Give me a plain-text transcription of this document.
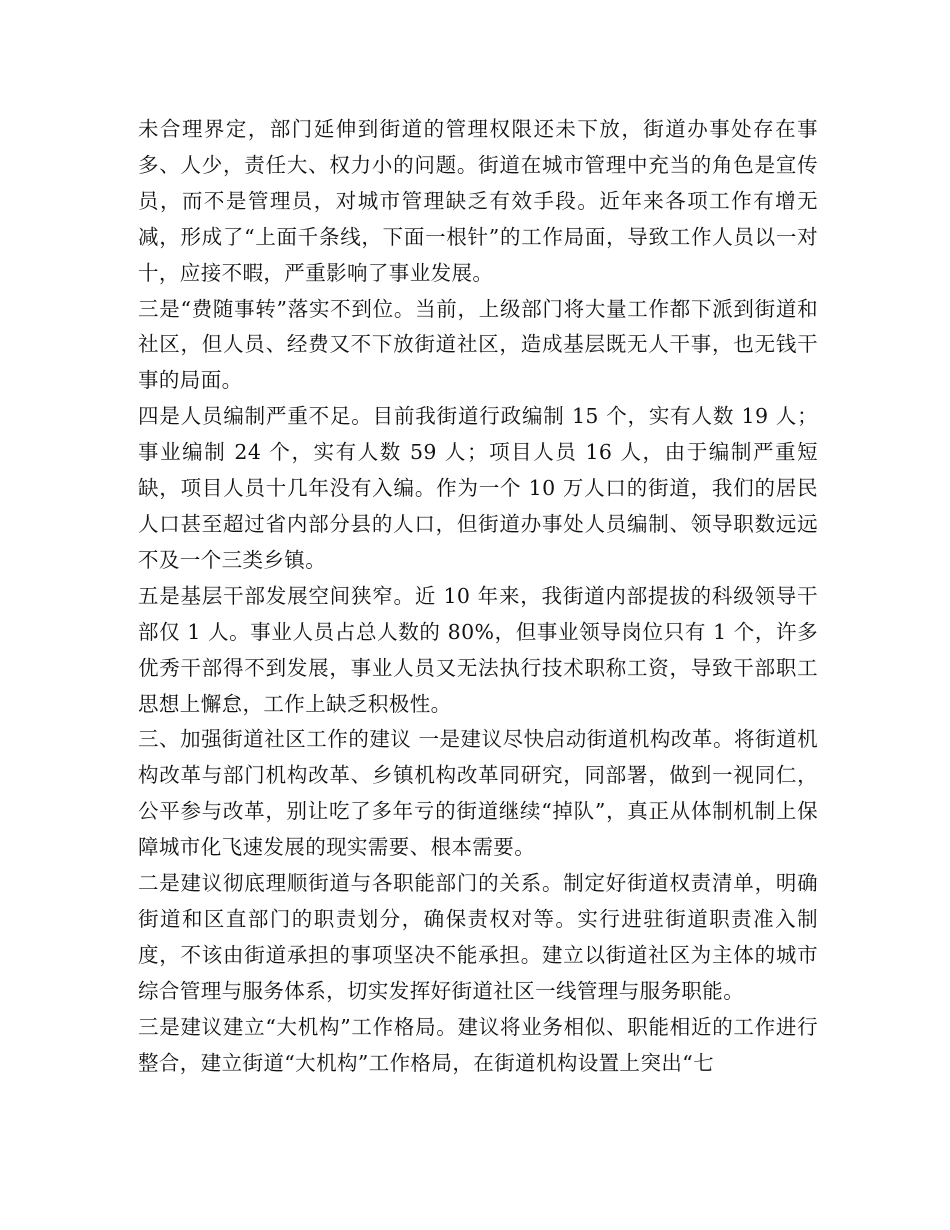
未合理界定，部门延伸到街道的管理权限还未下放，街道办事处存在事多、人少，责任大、权力小的问题。街道在城市管理中充当的角色是宣传员，而不是管理员，对城市管理缺乏有效手段。近年来各项工作有增无减，形成了“上面千条线，下面一根针”的工作局面，导致工作人员以一对十，应接不暇，严重影响了事业发展。

三是“费随事转”落实不到位。当前，上级部门将大量工作都下派到街道和社区，但人员、经费又不下放街道社区，造成基层既无人干事，也无钱干事的局面。

四是人员编制严重不足。目前我街道行政编制 15 个，实有人数 19 人；事业编制 24 个，实有人数 59 人；项目人员 16 人，由于编制严重短缺，项目人员十几年没有入编。作为一个 10 万人口的街道，我们的居民人口甚至超过省内部分县的人口，但街道办事处人员编制、领导职数远远不及一个三类乡镇。

五是基层干部发展空间狭窄。近 10 年来，我街道内部提拔的科级领导干部仅 1 人。事业人员占总人数的 80%，但事业领导岗位只有 1 个，许多优秀干部得不到发展，事业人员又无法执行技术职称工资，导致干部职工思想上懈怠，工作上缺乏积极性。

三、加强街道社区工作的建议 一是建议尽快启动街道机构改革。将街道机构改革与部门机构改革、乡镇机构改革同研究，同部署，做到一视同仁，公平参与改革，别让吃了多年亏的街道继续“掉队”，真正从体制机制上保障城市化飞速发展的现实需要、根本需要。

二是建议彻底理顺街道与各职能部门的关系。制定好街道权责清单，明确街道和区直部门的职责划分，确保责权对等。实行进驻街道职责准入制度，不该由街道承担的事项坚决不能承担。建立以街道社区为主体的城市综合管理与服务体系，切实发挥好街道社区一线管理与服务职能。

三是建议建立“大机构”工作格局。建议将业务相似、职能相近的工作进行整合，建立街道“大机构”工作格局，在街道机构设置上突出“七
